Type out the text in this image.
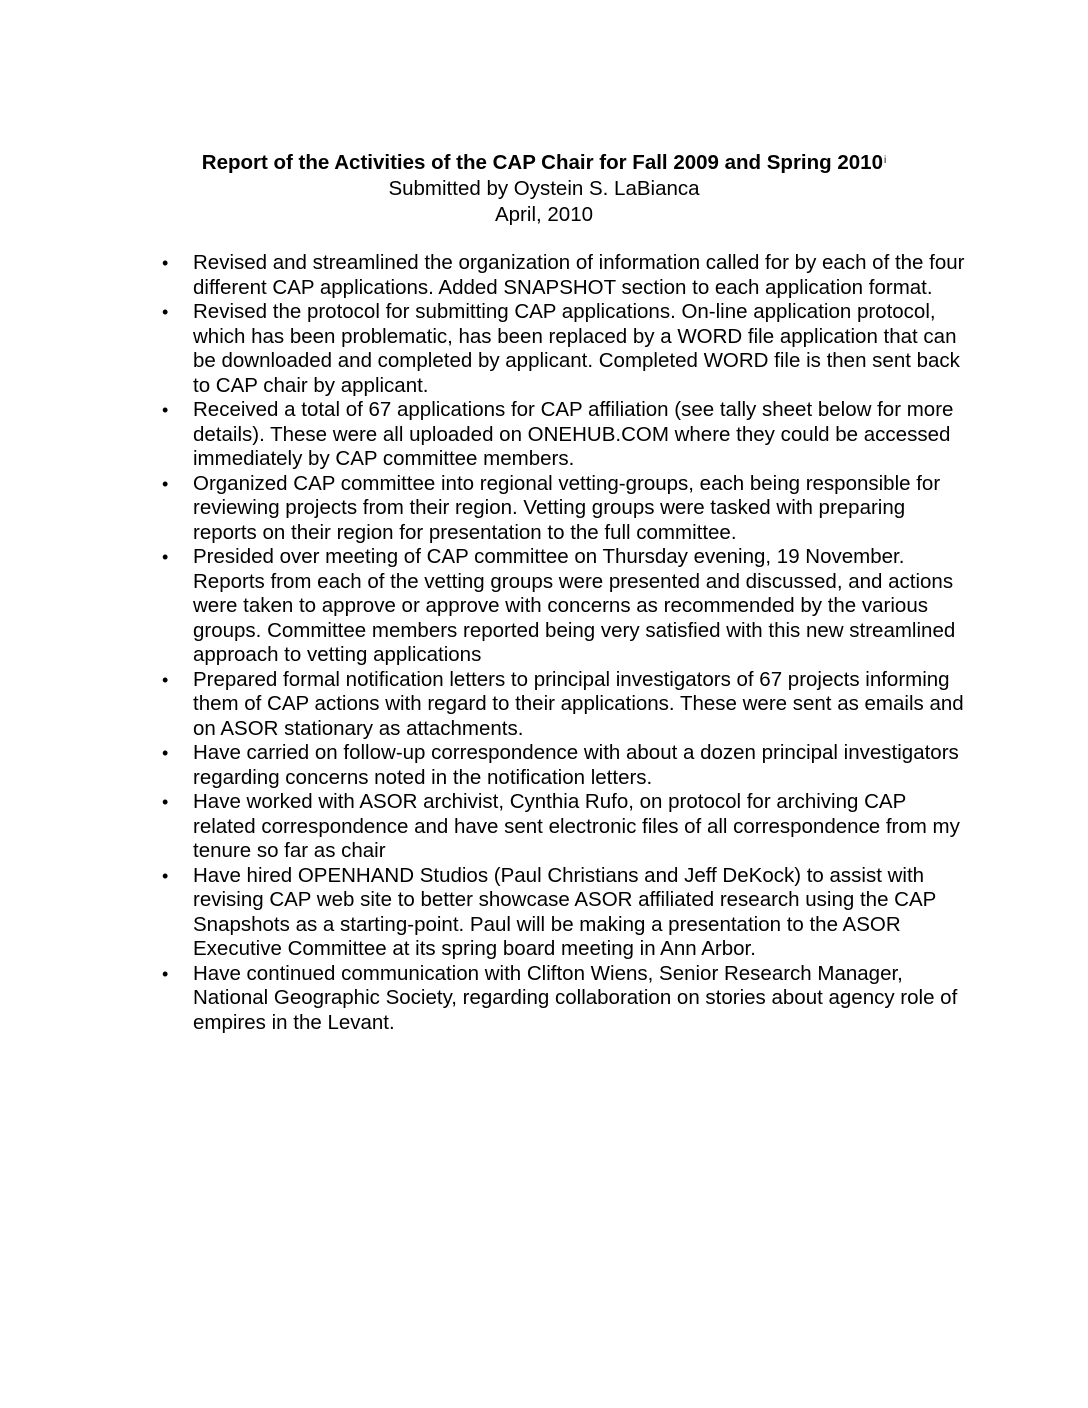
Report of the Activities of the CAP Chair for Fall 2009 and Spring 2010$^i$
Submitted by Oystein S. LaBianca
April, 2010
• Revised and streamlined the organization of information called for by each of the four different CAP applications. Added SNAPSHOT section to each application format.
• Revised the protocol for submitting CAP applications. On-line application protocol, which has been problematic, has been replaced by a WORD file application that can be downloaded and completed by applicant. Completed WORD file is then sent back to CAP chair by applicant.
• Received a total of 67 applications for CAP affiliation (see tally sheet below for more details). These were all uploaded on ONEHUB.COM where they could be accessed immediately by CAP committee members.
• Organized CAP committee into regional vetting-groups, each being responsible for reviewing projects from their region. Vetting groups were tasked with preparing reports on their region for presentation to the full committee.
• Presided over meeting of CAP committee on Thursday evening, 19 November. Reports from each of the vetting groups were presented and discussed, and actions were taken to approve or approve with concerns as recommended by the various groups. Committee members reported being very satisfied with this new streamlined approach to vetting applications
• Prepared formal notification letters to principal investigators of 67 projects informing them of CAP actions with regard to their applications. These were sent as emails and on ASOR stationary as attachments.
• Have carried on follow-up correspondence with about a dozen principal investigators regarding concerns noted in the notification letters.
• Have worked with ASOR archivist, Cynthia Rufo, on protocol for archiving CAP related correspondence and have sent electronic files of all correspondence from my tenure so far as chair
• Have hired OPENHAND Studios (Paul Christians and Jeff DeKock) to assist with revising CAP web site to better showcase ASOR affiliated research using the CAP Snapshots as a starting-point. Paul will be making a presentation to the ASOR Executive Committee at its spring board meeting in Ann Arbor.
• Have continued communication with Clifton Wiens, Senior Research Manager, National Geographic Society, regarding collaboration on stories about agency role of empires in the Levant.
